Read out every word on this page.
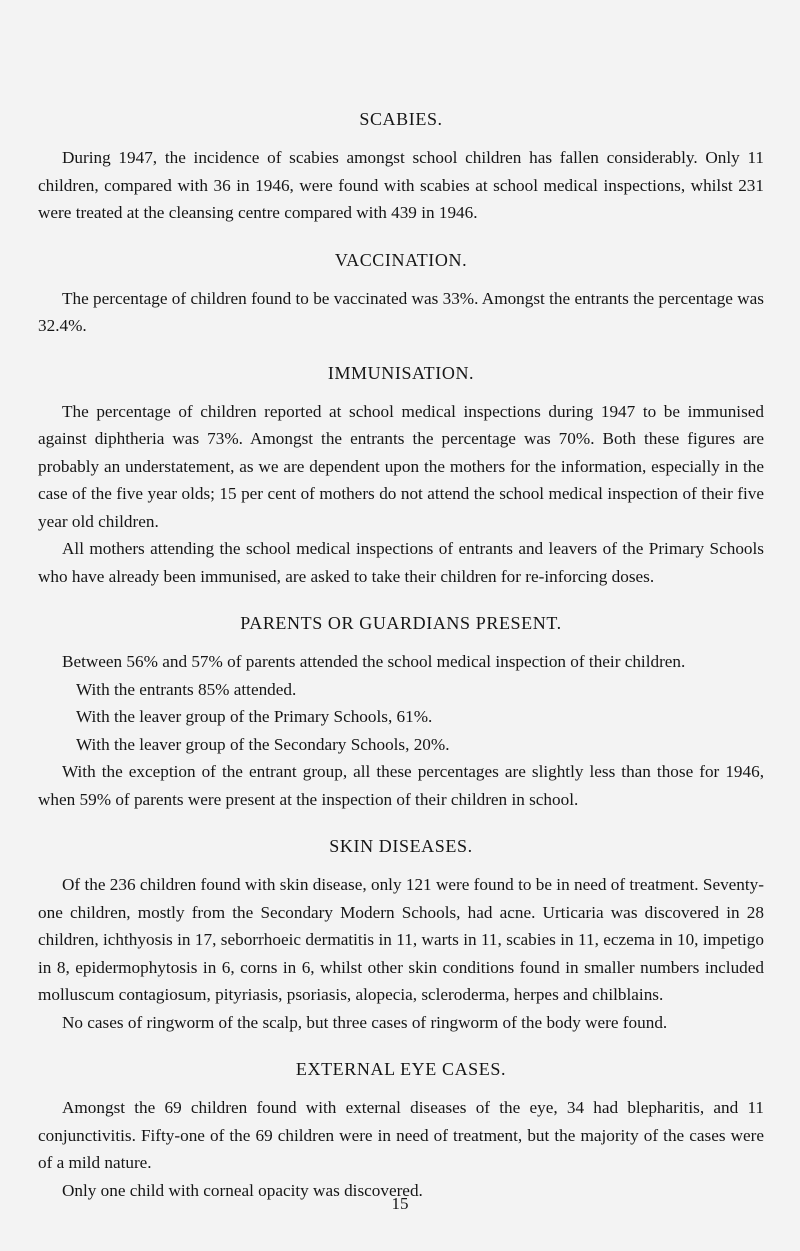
SCABIES.

During 1947, the incidence of scabies amongst school children has fallen considerably. Only 11 children, compared with 36 in 1946, were found with scabies at school medical inspections, whilst 231 were treated at the cleansing centre compared with 439 in 1946.

VACCINATION.

The percentage of children found to be vaccinated was 33%. Amongst the entrants the percentage was 32.4%.

IMMUNISATION.

The percentage of children reported at school medical inspections during 1947 to be immunised against diphtheria was 73%. Amongst the entrants the percentage was 70%. Both these figures are probably an understatement, as we are dependent upon the mothers for the information, especially in the case of the five year olds; 15 per cent of mothers do not attend the school medical inspection of their five year old children.

All mothers attending the school medical inspections of entrants and leavers of the Primary Schools who have already been immunised, are asked to take their children for re-inforcing doses.

PARENTS OR GUARDIANS PRESENT.

Between 56% and 57% of parents attended the school medical inspection of their children.

With the entrants 85% attended.

With the leaver group of the Primary Schools, 61%.

With the leaver group of the Secondary Schools, 20%.

With the exception of the entrant group, all these percentages are slightly less than those for 1946, when 59% of parents were present at the inspection of their children in school.

SKIN DISEASES.

Of the 236 children found with skin disease, only 121 were found to be in need of treatment. Seventy-one children, mostly from the Secondary Modern Schools, had acne. Urticaria was discovered in 28 children, ichthyosis in 17, seborrhoeic dermatitis in 11, warts in 11, scabies in 11, eczema in 10, impetigo in 8, epidermophytosis in 6, corns in 6, whilst other skin conditions found in smaller numbers included molluscum contagiosum, pityriasis, psoriasis, alopecia, scleroderma, herpes and chilblains.

No cases of ringworm of the scalp, but three cases of ringworm of the body were found.

EXTERNAL EYE CASES.

Amongst the 69 children found with external diseases of the eye, 34 had blepharitis, and 11 conjunctivitis. Fifty-one of the 69 children were in need of treatment, but the majority of the cases were of a mild nature.

Only one child with corneal opacity was discovered.

15
